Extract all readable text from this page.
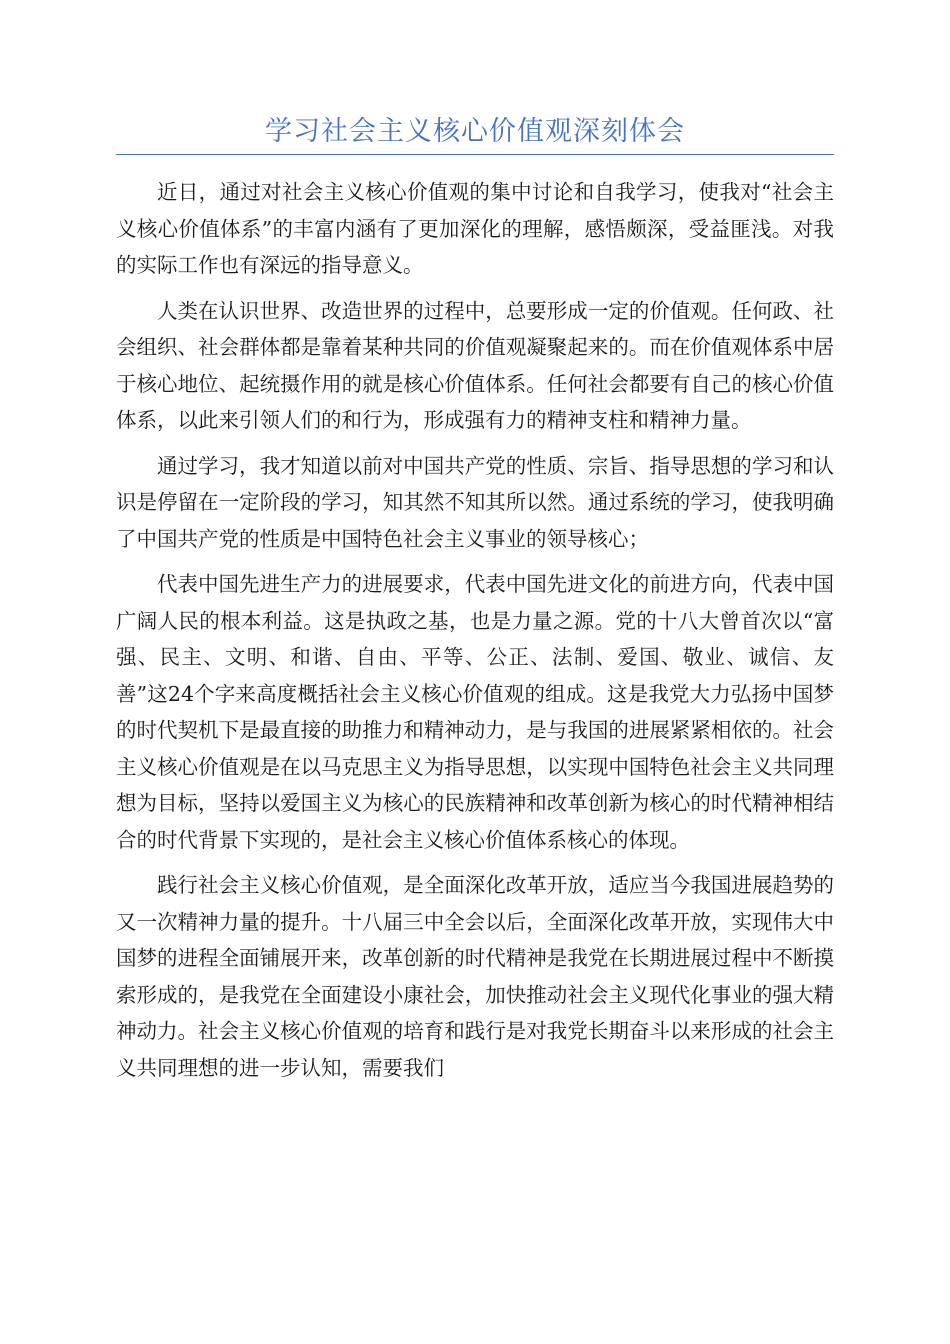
学习社会主义核心价值观深刻体会

近日，通过对社会主义核心价值观的集中讨论和自我学习，使我对“社会主义核心价值体系”的丰富内涵有了更加深化的理解，感悟颇深，受益匪浅。对我的实际工作也有深远的指导意义。

人类在认识世界、改造世界的过程中，总要形成一定的价值观。任何政、社会组织、社会群体都是靠着某种共同的价值观凝聚起来的。而在价值观体系中居于核心地位、起统摄作用的就是核心价值体系。任何社会都要有自己的核心价值体系，以此来引领人们的和行为，形成强有力的精神支柱和精神力量。

通过学习，我才知道以前对中国共产党的性质、宗旨、指导思想的学习和认识是停留在一定阶段的学习，知其然不知其所以然。通过系统的学习，使我明确了中国共产党的性质是中国特色社会主义事业的领导核心；

代表中国先进生产力的进展要求，代表中国先进文化的前进方向，代表中国广阔人民的根本利益。这是执政之基，也是力量之源。党的十八大曾首次以“富强、民主、文明、和谐、自由、平等、公正、法制、爱国、敬业、诚信、友善”这24个字来高度概括社会主义核心价值观的组成。这是我党大力弘扬中国梦的时代契机下是最直接的助推力和精神动力，是与我国的进展紧紧相依的。社会主义核心价值观是在以马克思主义为指导思想，以实现中国特色社会主义共同理想为目标，坚持以爱国主义为核心的民族精神和改革创新为核心的时代精神相结合的时代背景下实现的，是社会主义核心价值体系核心的体现。

践行社会主义核心价值观，是全面深化改革开放，适应当今我国进展趋势的又一次精神力量的提升。十八届三中全会以后，全面深化改革开放，实现伟大中国梦的进程全面铺展开来，改革创新的时代精神是我党在长期进展过程中不断摸索形成的，是我党在全面建设小康社会，加快推动社会主义现代化事业的强大精神动力。社会主义核心价值观的培育和践行是对我党长期奋斗以来形成的社会主义共同理想的进一步认知，需要我们
